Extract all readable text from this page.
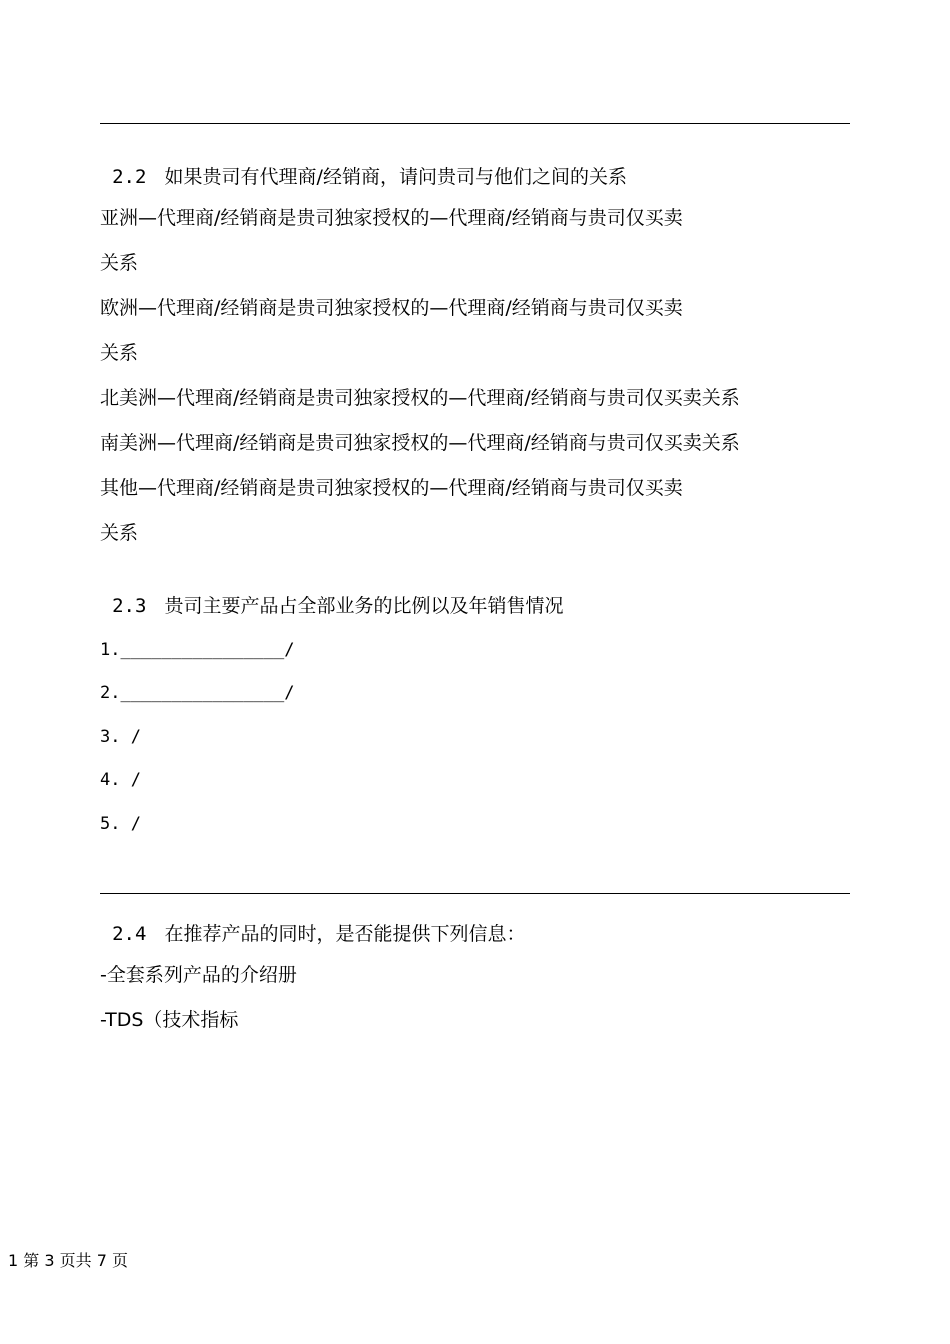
2.2 如果贵司有代理商/经销商，请问贵司与他们之间的关系

亚洲—代理商/经销商是贵司独家授权的—代理商/经销商与贵司仅买卖
关系
欧洲—代理商/经销商是贵司独家授权的—代理商/经销商与贵司仅买卖
关系
北美洲—代理商/经销商是贵司独家授权的—代理商/经销商与贵司仅买卖关系
南美洲—代理商/经销商是贵司独家授权的—代理商/经销商与贵司仅买卖关系
其他—代理商/经销商是贵司独家授权的—代理商/经销商与贵司仅买卖
关系

2.3 贵司主要产品占全部业务的比例以及年销售情况

1.________________/
2.________________/
3. /
4. /
5. /

2.4 在推荐产品的同时，是否能提供下列信息：

-全套系列产品的介绍册
-TDS（技术指标
1 第 3 页共 7 页
